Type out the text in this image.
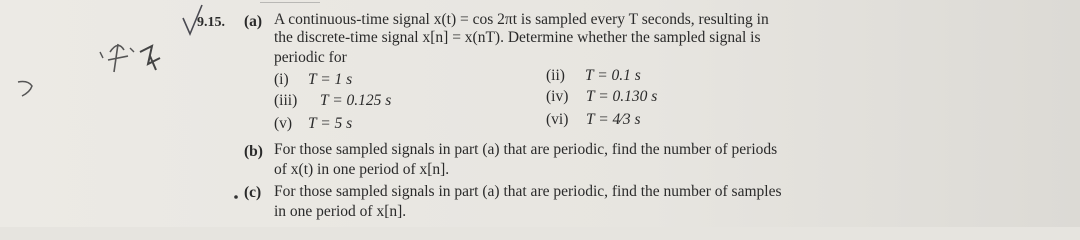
9.15. (a) A continuous-time signal x(t) = cos 2πt is sampled every T seconds, resulting in
the discrete-time signal x[n] = x(nT). Determine whether the sampled signal is
periodic for
(i) T = 1 s	(ii) T = 0.1 s
(iii) T = 0.125 s	(iv) T = 0.130 s
(v) T = 5 s	(vi) T = 4⁄3 s
(b) For those sampled signals in part (a) that are periodic, find the number of periods
of x(t) in one period of x[n].
(c) For those sampled signals in part (a) that are periodic, find the number of samples
in one period of x[n].
